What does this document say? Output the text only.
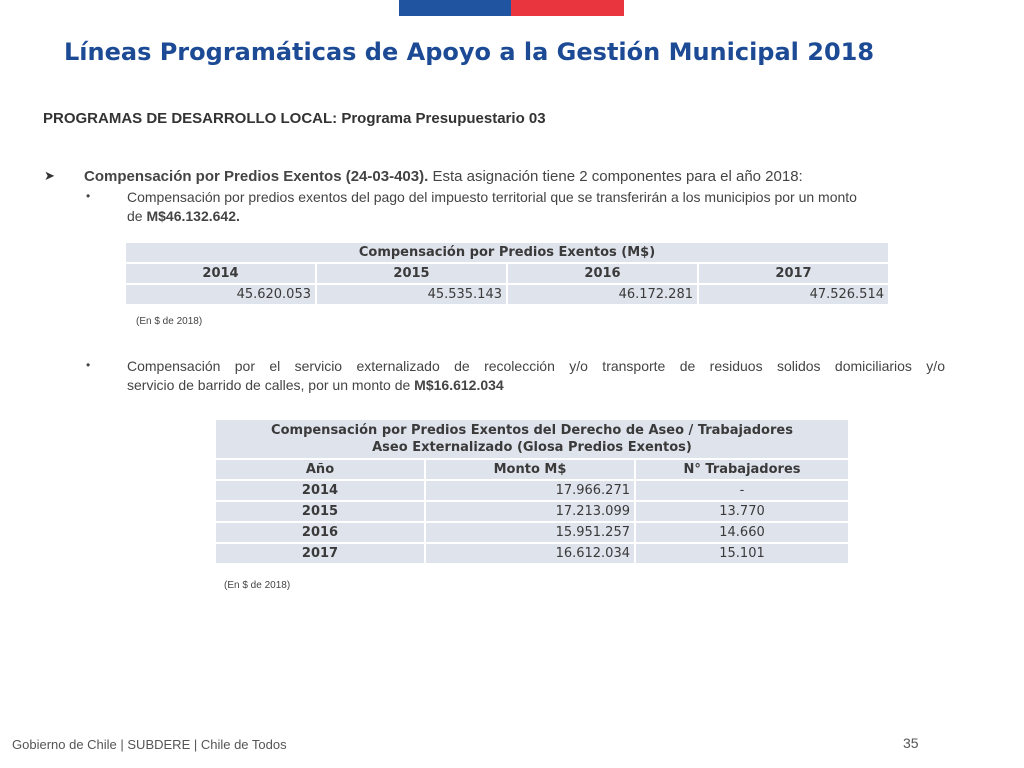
Líneas Programáticas de Apoyo a la Gestión Municipal 2018
PROGRAMAS DE DESARROLLO LOCAL: Programa Presupuestario 03
➤ Compensación por Predios Exentos (24-03-403). Esta asignación tiene 2 componentes para el año 2018:
•	Compensación por predios exentos del pago del impuesto territorial que se transferirán a los municipios por un monto
de M$46.132.642.
Compensación por Predios Exentos (M$)			
2014	2015	2016	2017
45.620.053	45.535.143	46.172.281	47.526.514
(En $ de 2018)
•	Compensación por el servicio externalizado de recolección y/o transporte de residuos solidos domiciliarios y/o
servicio de barrido de calles, por un monto de M$16.612.034
Compensación por Predios Exentos del Derecho de Aseo / Trabajadores
Aseo Externalizado (Glosa Predios Exentos)		

Año	Monto M$	N° Trabajadores
2014	17.966.271	-
2015	17.213.099	13.770
2016	15.951.257	14.660
2017	16.612.034	15.101
(En $ de 2018)
Gobierno de Chile | SUBDERE | Chile de Todos	35
